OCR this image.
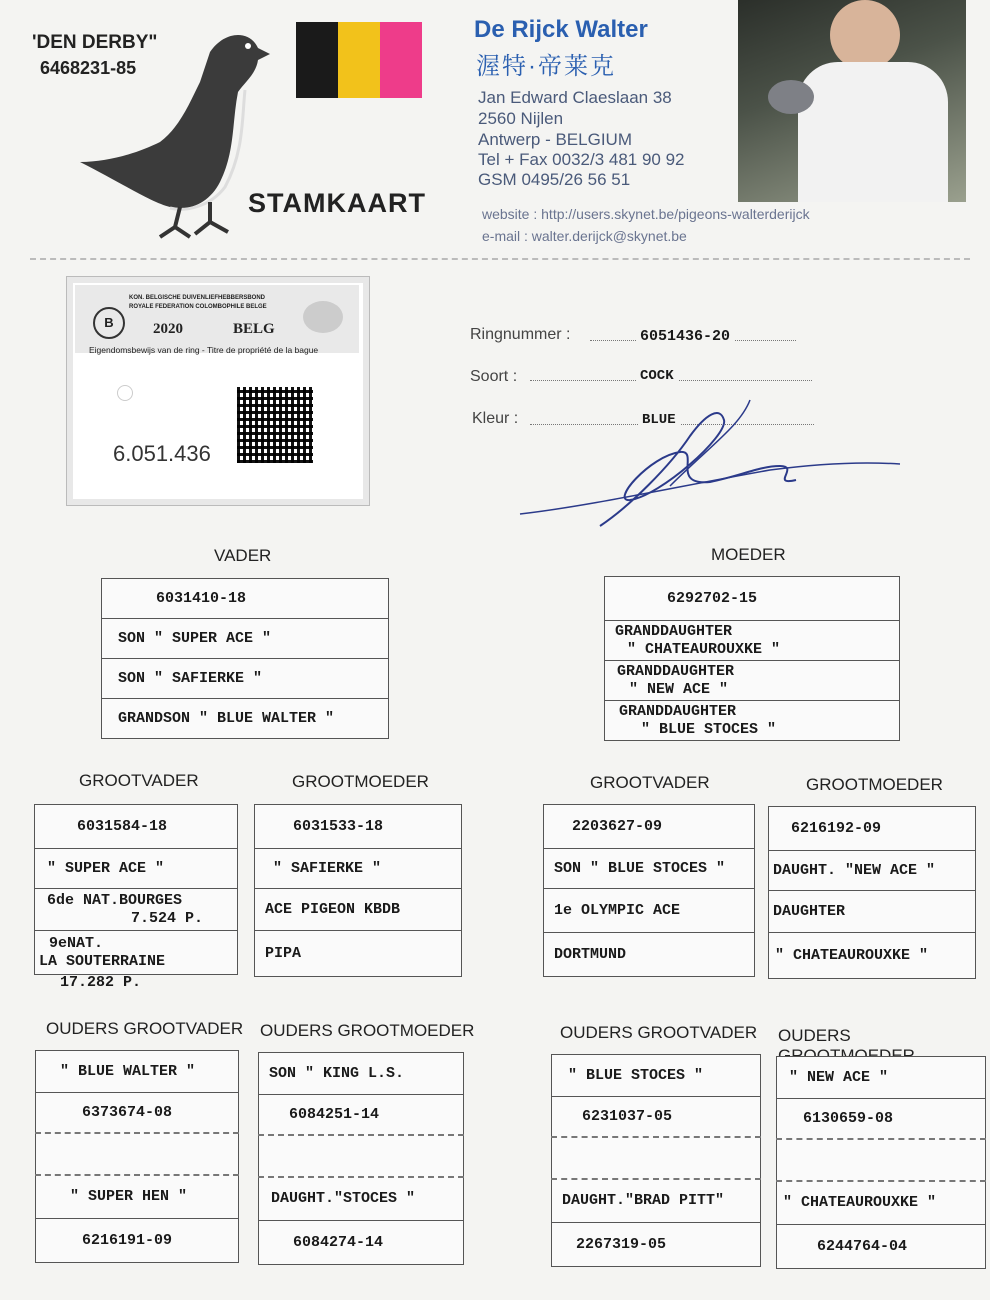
'DEN DERBY"
6468231-85
STAMKAART
De Rijck Walter
渥特·帝莱克
Jan Edward Claeslaan 38
2560 Nijlen
Antwerp - BELGIUM
Tel + Fax 0032/3 481 90 92
GSM 0495/26 56 51
website : http://users.skynet.be/pigeons-walterderijck
e-mail : walter.derijck@skynet.be
B
KON. BELGISCHE DUIVENLIEFHEBBERSBOND
ROYALE FEDERATION COLOMBOPHILE BELGE
2020	BELG
Eigendomsbewijs van de ring - Titre de propriété de la bague
6.051.436
Ringnummer :	6051436-20
Soort :	COCK
Kleur :	BLUE
VADER
6031410-18
SON " SUPER ACE "
SON " SAFIERKE "
GRANDSON " BLUE WALTER "
MOEDER
6292702-15

GRANDDAUGHTER
" CHATEAUROUXKE "

GRANDDAUGHTER
" NEW ACE "

GRANDDAUGHTER
" BLUE STOCES "
GROOTVADER	GROOTMOEDER	GROOTVADER	GROOTMOEDER
6031584-18
" SUPER ACE "

6de NAT.BOURGES
7.524 P.

9eNAT.
LA SOUTERRAINE
17.282 P.
6031533-18
" SAFIERKE "
ACE PIGEON KBDB
PIPA
2203627-09
SON " BLUE STOCES "
1e OLYMPIC ACE
DORTMUND
6216192-09
DAUGHT. "NEW ACE "
DAUGHTER
" CHATEAUROUXKE "
OUDERS GROOTVADER OUDERS GROOTMOEDER	OUDERS GROOTVADER OUDERS
" BLUE WALTER "
6373674-08

" SUPER HEN "
6216191-09
SON " KING L.S.
6084251-14

DAUGHT."STOCES "
6084274-14
" BLUE STOCES "
6231037-05

DAUGHT."BRAD PITT"
2267319-05
" NEW ACE "
6130659-08

" CHATEAUROUXKE "
6244764-04
